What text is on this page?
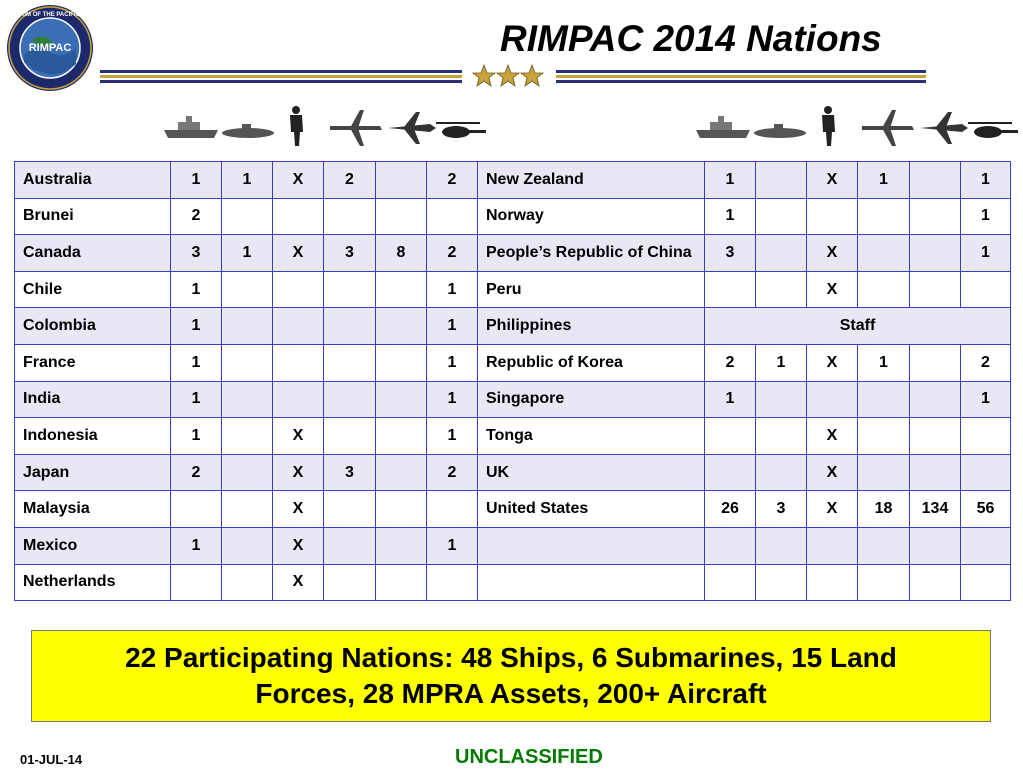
RIMPAC
RIM OF THE PACIFIC
RIMPAC 2014 Nations
Australia	1	1	X	2		2	New Zealand	1		X	1		1
Brunei	2						Norway	1					1
Canada	3	1	X	3	8	2	People’s Republic of China	3		X			1
Chile	1					1	Peru			X			
Colombia	1					1	Philippines	Staff					
France	1					1	Republic of Korea	2	1	X	1		2
India	1					1	Singapore	1					1
Indonesia	1		X			1	Tonga			X			
Japan	2		X	3		2	UK			X			
Malaysia			X				United States	26	3	X	18	134	56
Mexico	1		X			1							
Netherlands			X										
22 Participating Nations: 48 Ships, 6 Submarines, 15 Land
Forces, 28 MPRA Assets, 200+ Aircraft
01-JUL-14	UNCLASSIFIED
